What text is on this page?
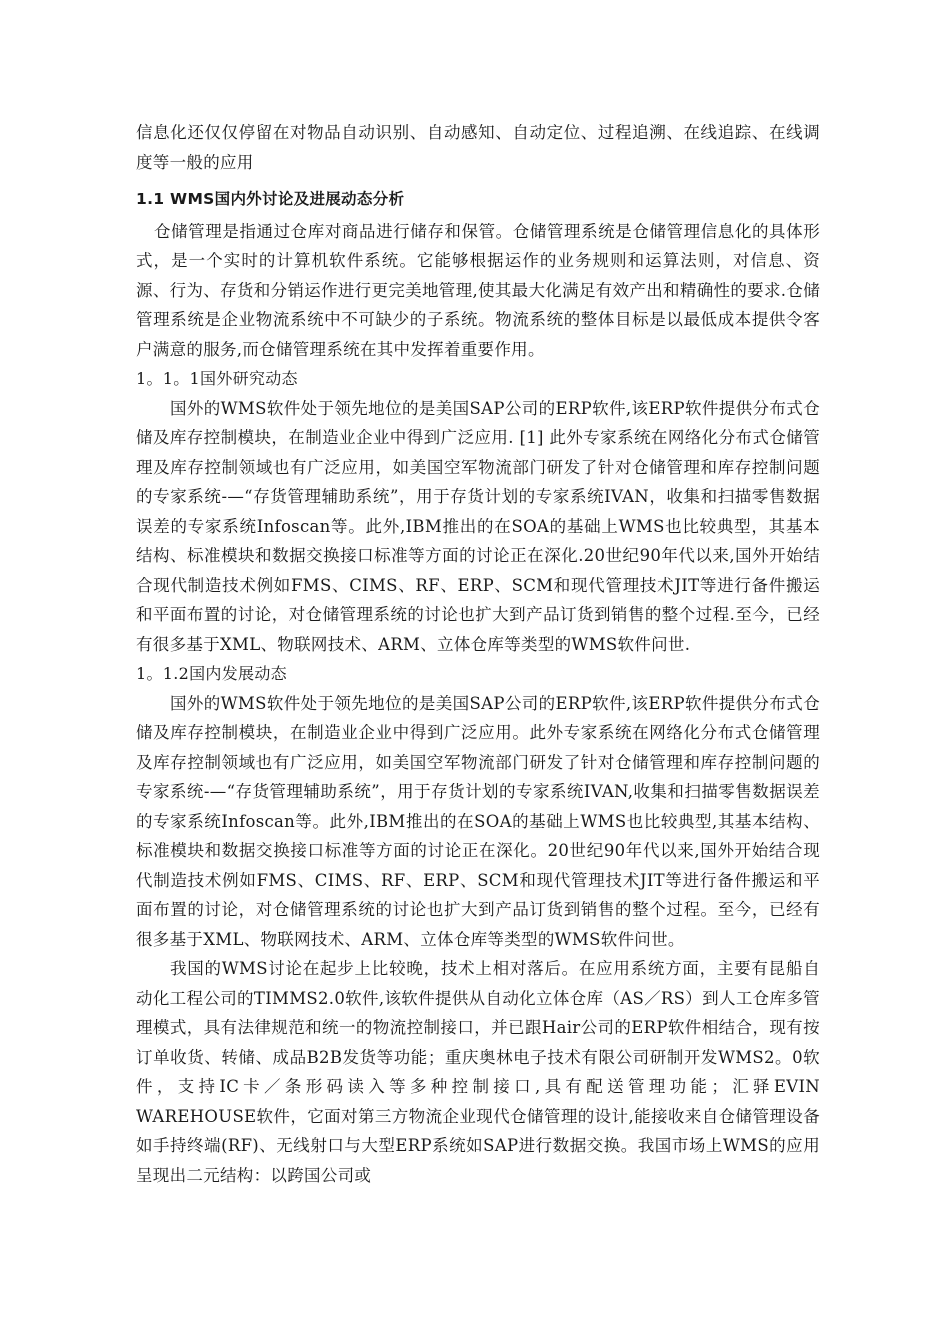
信息化还仅仅停留在对物品自动识别、自动感知、自动定位、过程追溯、在线追踪、在线调度等一般的应用

1.1 WMS国内外讨论及进展动态分析

仓储管理是指通过仓库对商品进行储存和保管。仓储管理系统是仓储管理信息化的具体形式，是一个实时的计算机软件系统。它能够根据运作的业务规则和运算法则，对信息、资源、行为、存货和分销运作进行更完美地管理,使其最大化满足有效产出和精确性的要求.仓储管理系统是企业物流系统中不可缺少的子系统。物流系统的整体目标是以最低成本提供令客户满意的服务,而仓储管理系统在其中发挥着重要作用。

1。1。1国外研究动态

国外的WMS软件处于领先地位的是美国SAP公司的ERP软件,该ERP软件提供分布式仓储及库存控制模块，在制造业企业中得到广泛应用. [1] 此外专家系统在网络化分布式仓储管理及库存控制领域也有广泛应用，如美国空军物流部门研发了针对仓储管理和库存控制问题的专家系统-—“存货管理辅助系统”，用于存货计划的专家系统IVAN，收集和扫描零售数据误差的专家系统Infoscan等。此外,IBM推出的在SOA的基础上WMS也比较典型，其基本结构、标准模块和数据交换接口标准等方面的讨论正在深化.20世纪90年代以来,国外开始结合现代制造技术例如FMS、CIMS、RF、ERP、SCM和现代管理技术JIT等进行备件搬运和平面布置的讨论，对仓储管理系统的讨论也扩大到产品订货到销售的整个过程.至今，已经有很多基于XML、物联网技术、ARM、立体仓库等类型的WMS软件问世.

1。1.2国内发展动态

国外的WMS软件处于领先地位的是美国SAP公司的ERP软件,该ERP软件提供分布式仓储及库存控制模块，在制造业企业中得到广泛应用。此外专家系统在网络化分布式仓储管理及库存控制领域也有广泛应用，如美国空军物流部门研发了针对仓储管理和库存控制问题的专家系统-—“存货管理辅助系统”，用于存货计划的专家系统IVAN,收集和扫描零售数据误差的专家系统Infoscan等。此外,IBM推出的在SOA的基础上WMS也比较典型,其基本结构、标准模块和数据交换接口标准等方面的讨论正在深化。20世纪90年代以来,国外开始结合现代制造技术例如FMS、CIMS、RF、ERP、SCM和现代管理技术JIT等进行备件搬运和平面布置的讨论，对仓储管理系统的讨论也扩大到产品订货到销售的整个过程。至今，已经有很多基于XML、物联网技术、ARM、立体仓库等类型的WMS软件问世。

我国的WMS讨论在起步上比较晚，技术上相对落后。在应用系统方面，主要有昆船自动化工程公司的TIMMS2.0软件,该软件提供从自动化立体仓库（AS／RS）到人工仓库多管理模式，具有法律规范和统一的物流控制接口，并已跟Hair公司的ERP软件相结合，现有按订单收货、转储、成品B2B发货等功能；重庆奥林电子技术有限公司研制开发WMS2。0软件，支持IC卡／条形码读入等多种控制接口,具有配送管理功能；汇驿EVIN WAREHOUSE软件，它面对第三方物流企业现代仓储管理的设计,能接收来自仓储管理设备如手持终端(RF)、无线射口与大型ERP系统如SAP进行数据交换。我国市场上WMS的应用呈现出二元结构：以跨国公司或
